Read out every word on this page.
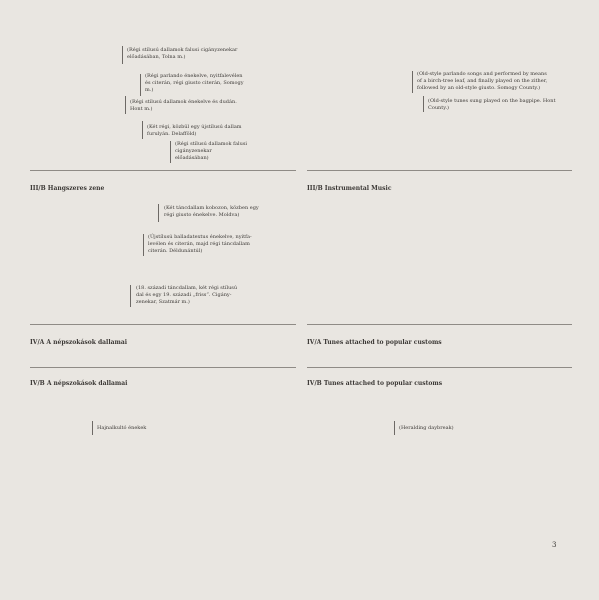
(Régi stílusú dallamok falusi cigányzenekar
előadásában, Tolna m.)
(Régi parlando énekelve, nyitfalevélen
és citerán, régi giusto citerán, Somogy
m.)
(Régi stílusú dallamok énekelve és dudán.
Hont m.)
(Két régi, közbül egy újstílusú dallam
furulyán. Delafföld)
(Régi stílusú dallamok falusi
cigányzenekar
előadásában)
III/B Hangszeres zene
(Két táncdallam kobozon, közben egy
régi giusto énekelve. Moldva)
(Újstílusú balladatextus énekelve, nyitfa-
levélen és citerán, majd régi táncdallam
citerán. Déldunántúl)
(18. századi táncdallam, két régi stílusú
dal és egy 19. századi „friss”. Cigány-
zenekar, Szatmár m.)
IV/A A népszokások dallamai
IV/B A népszokások dallamai
Hajnalkultó énekek
(Old-style parlando songs and performed by means
of a birch-tree leaf, and finally played on the zither,
followed by an old-style giusto. Somogy County.)
(Old-style tunes sung played on the bagpipe. Hont
County.)
III/B Instrumental Music
IV/A Tunes attached to popular customs
IV/B Tunes attached to popular customs
(Heralding daybreak)
3
